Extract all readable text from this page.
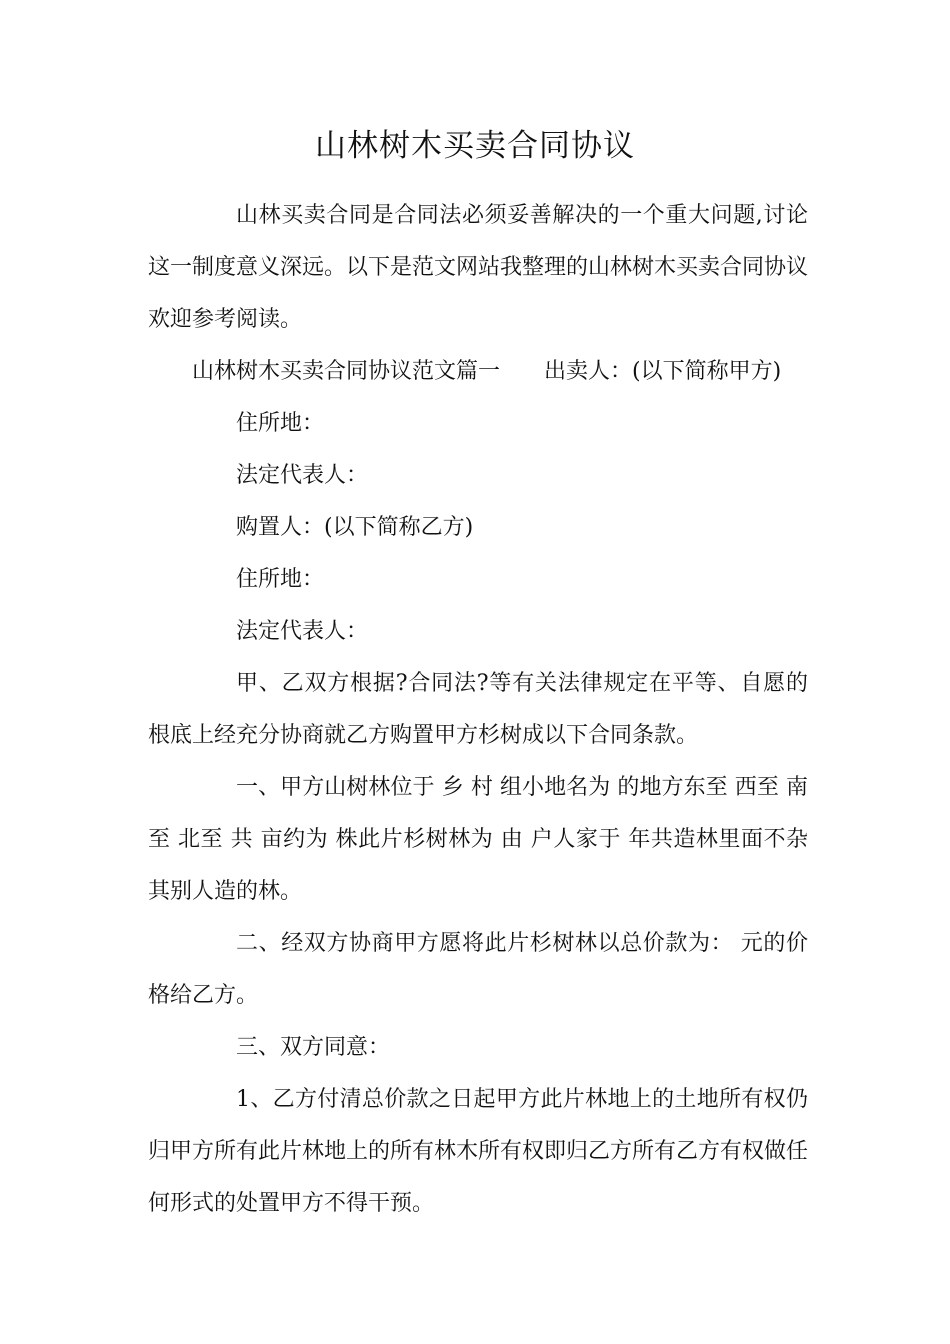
山林树木买卖合同协议

山林买卖合同是合同法必须妥善解决的一个重大问题,讨论这一制度意义深远。以下是范文网站我整理的山林树木买卖合同协议欢迎参考阅读。

山林树木买卖合同协议范文篇一 出卖人：(以下简称甲方)

住所地：

法定代表人：

购置人：(以下简称乙方)

住所地：

法定代表人：

甲、乙双方根据?合同法?等有关法律规定在平等、自愿的根底上经充分协商就乙方购置甲方杉树成以下合同条款。

一、甲方山树林位于 乡 村 组小地名为 的地方东至 西至 南至 北至 共 亩约为 株此片杉树林为 由 户人家于 年共造林里面不杂其别人造的林。

二、经双方协商甲方愿将此片杉树林以总价款为： 元的价格给乙方。

三、双方同意：

1、乙方付清总价款之日起甲方此片林地上的土地所有权仍归甲方所有此片林地上的所有林木所有权即归乙方所有乙方有权做任何形式的处置甲方不得干预。
